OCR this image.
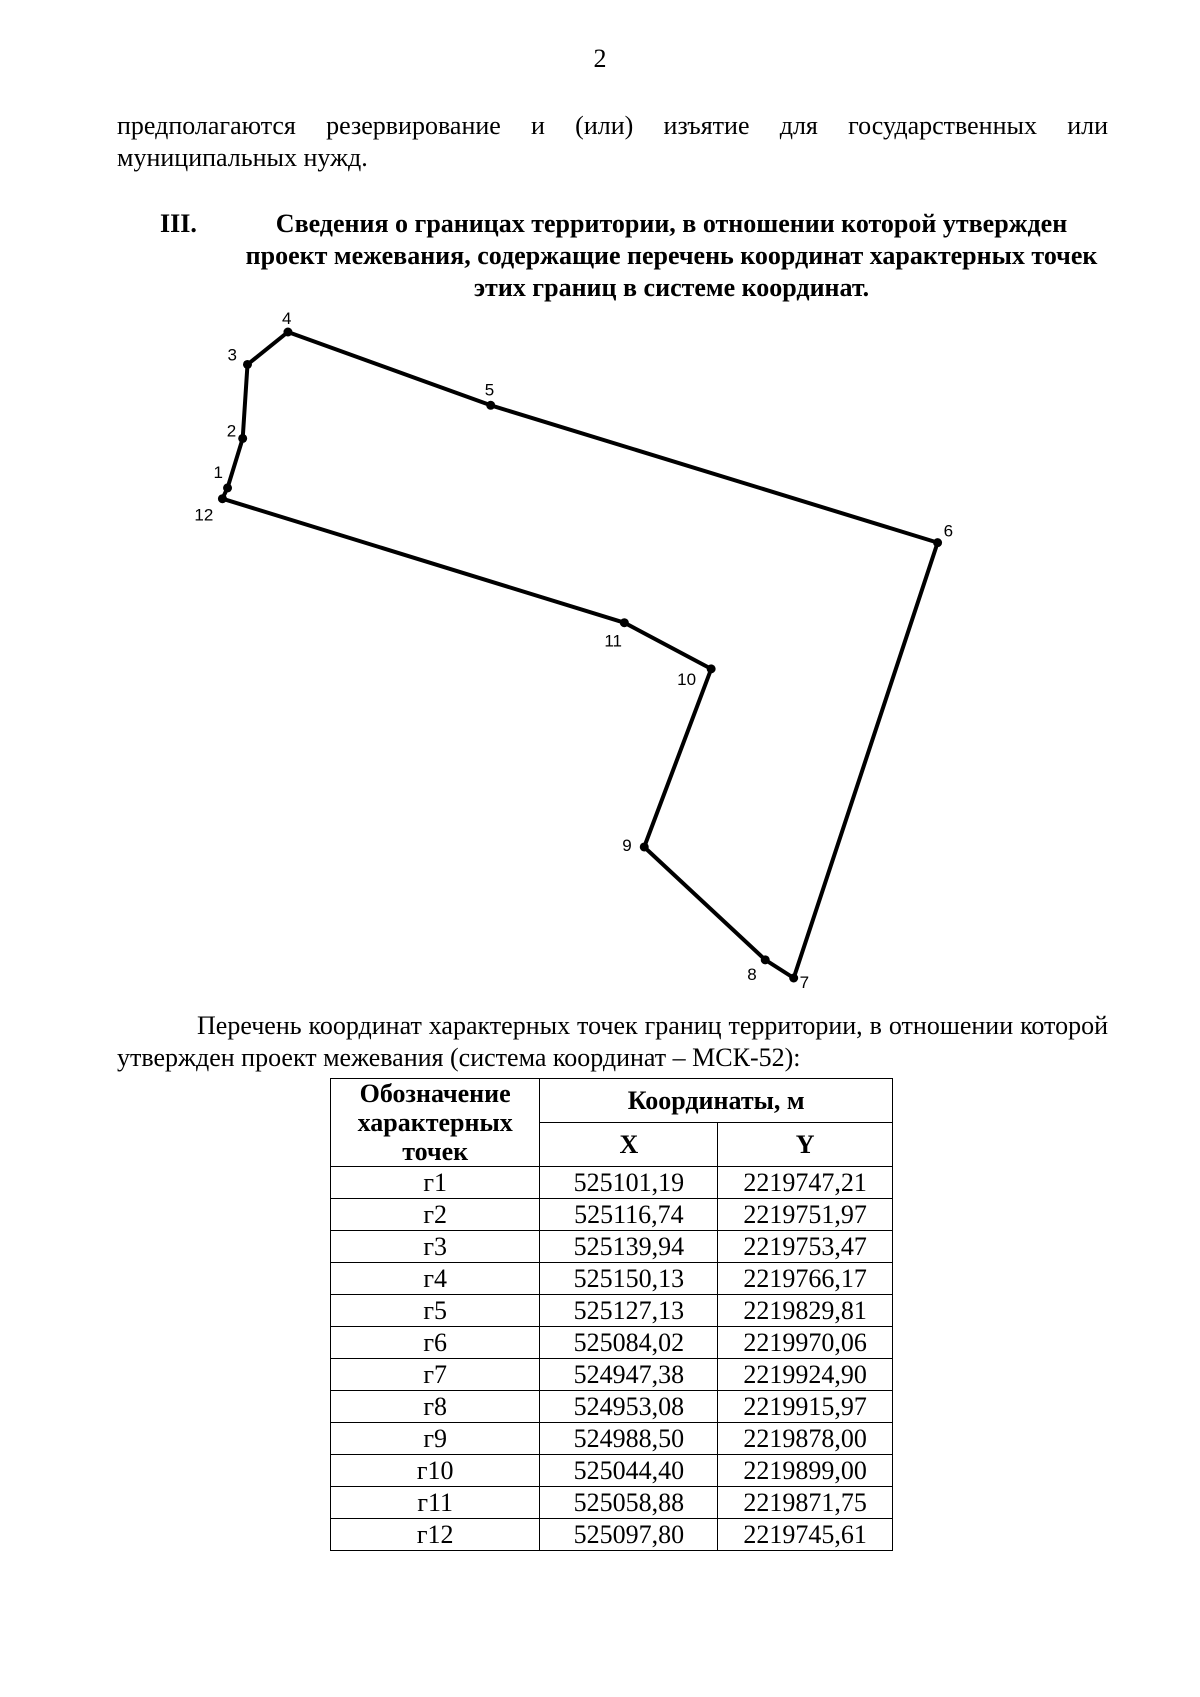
2

предполагаются резервирование и (или) изъятие для государственных или муниципальных нужд.

III.	Сведения о границах территории, в отношении которой утвержден проект межевания, содержащие перечень координат характерных точек этих границ в системе координат.
1
2
3
4
5
6
7
8
9
10
11
12

Перечень координат характерных точек границ территории, в отношении которой утвержден проект межевания (система координат – МСК-52):

Обозначение характерных точек	Координаты, м	
	X	Y
г1	525101,19	2219747,21
г2	525116,74	2219751,97
г3	525139,94	2219753,47
г4	525150,13	2219766,17
г5	525127,13	2219829,81
г6	525084,02	2219970,06
г7	524947,38	2219924,90
г8	524953,08	2219915,97
г9	524988,50	2219878,00
г10	525044,40	2219899,00
г11	525058,88	2219871,75
г12	525097,80	2219745,61
